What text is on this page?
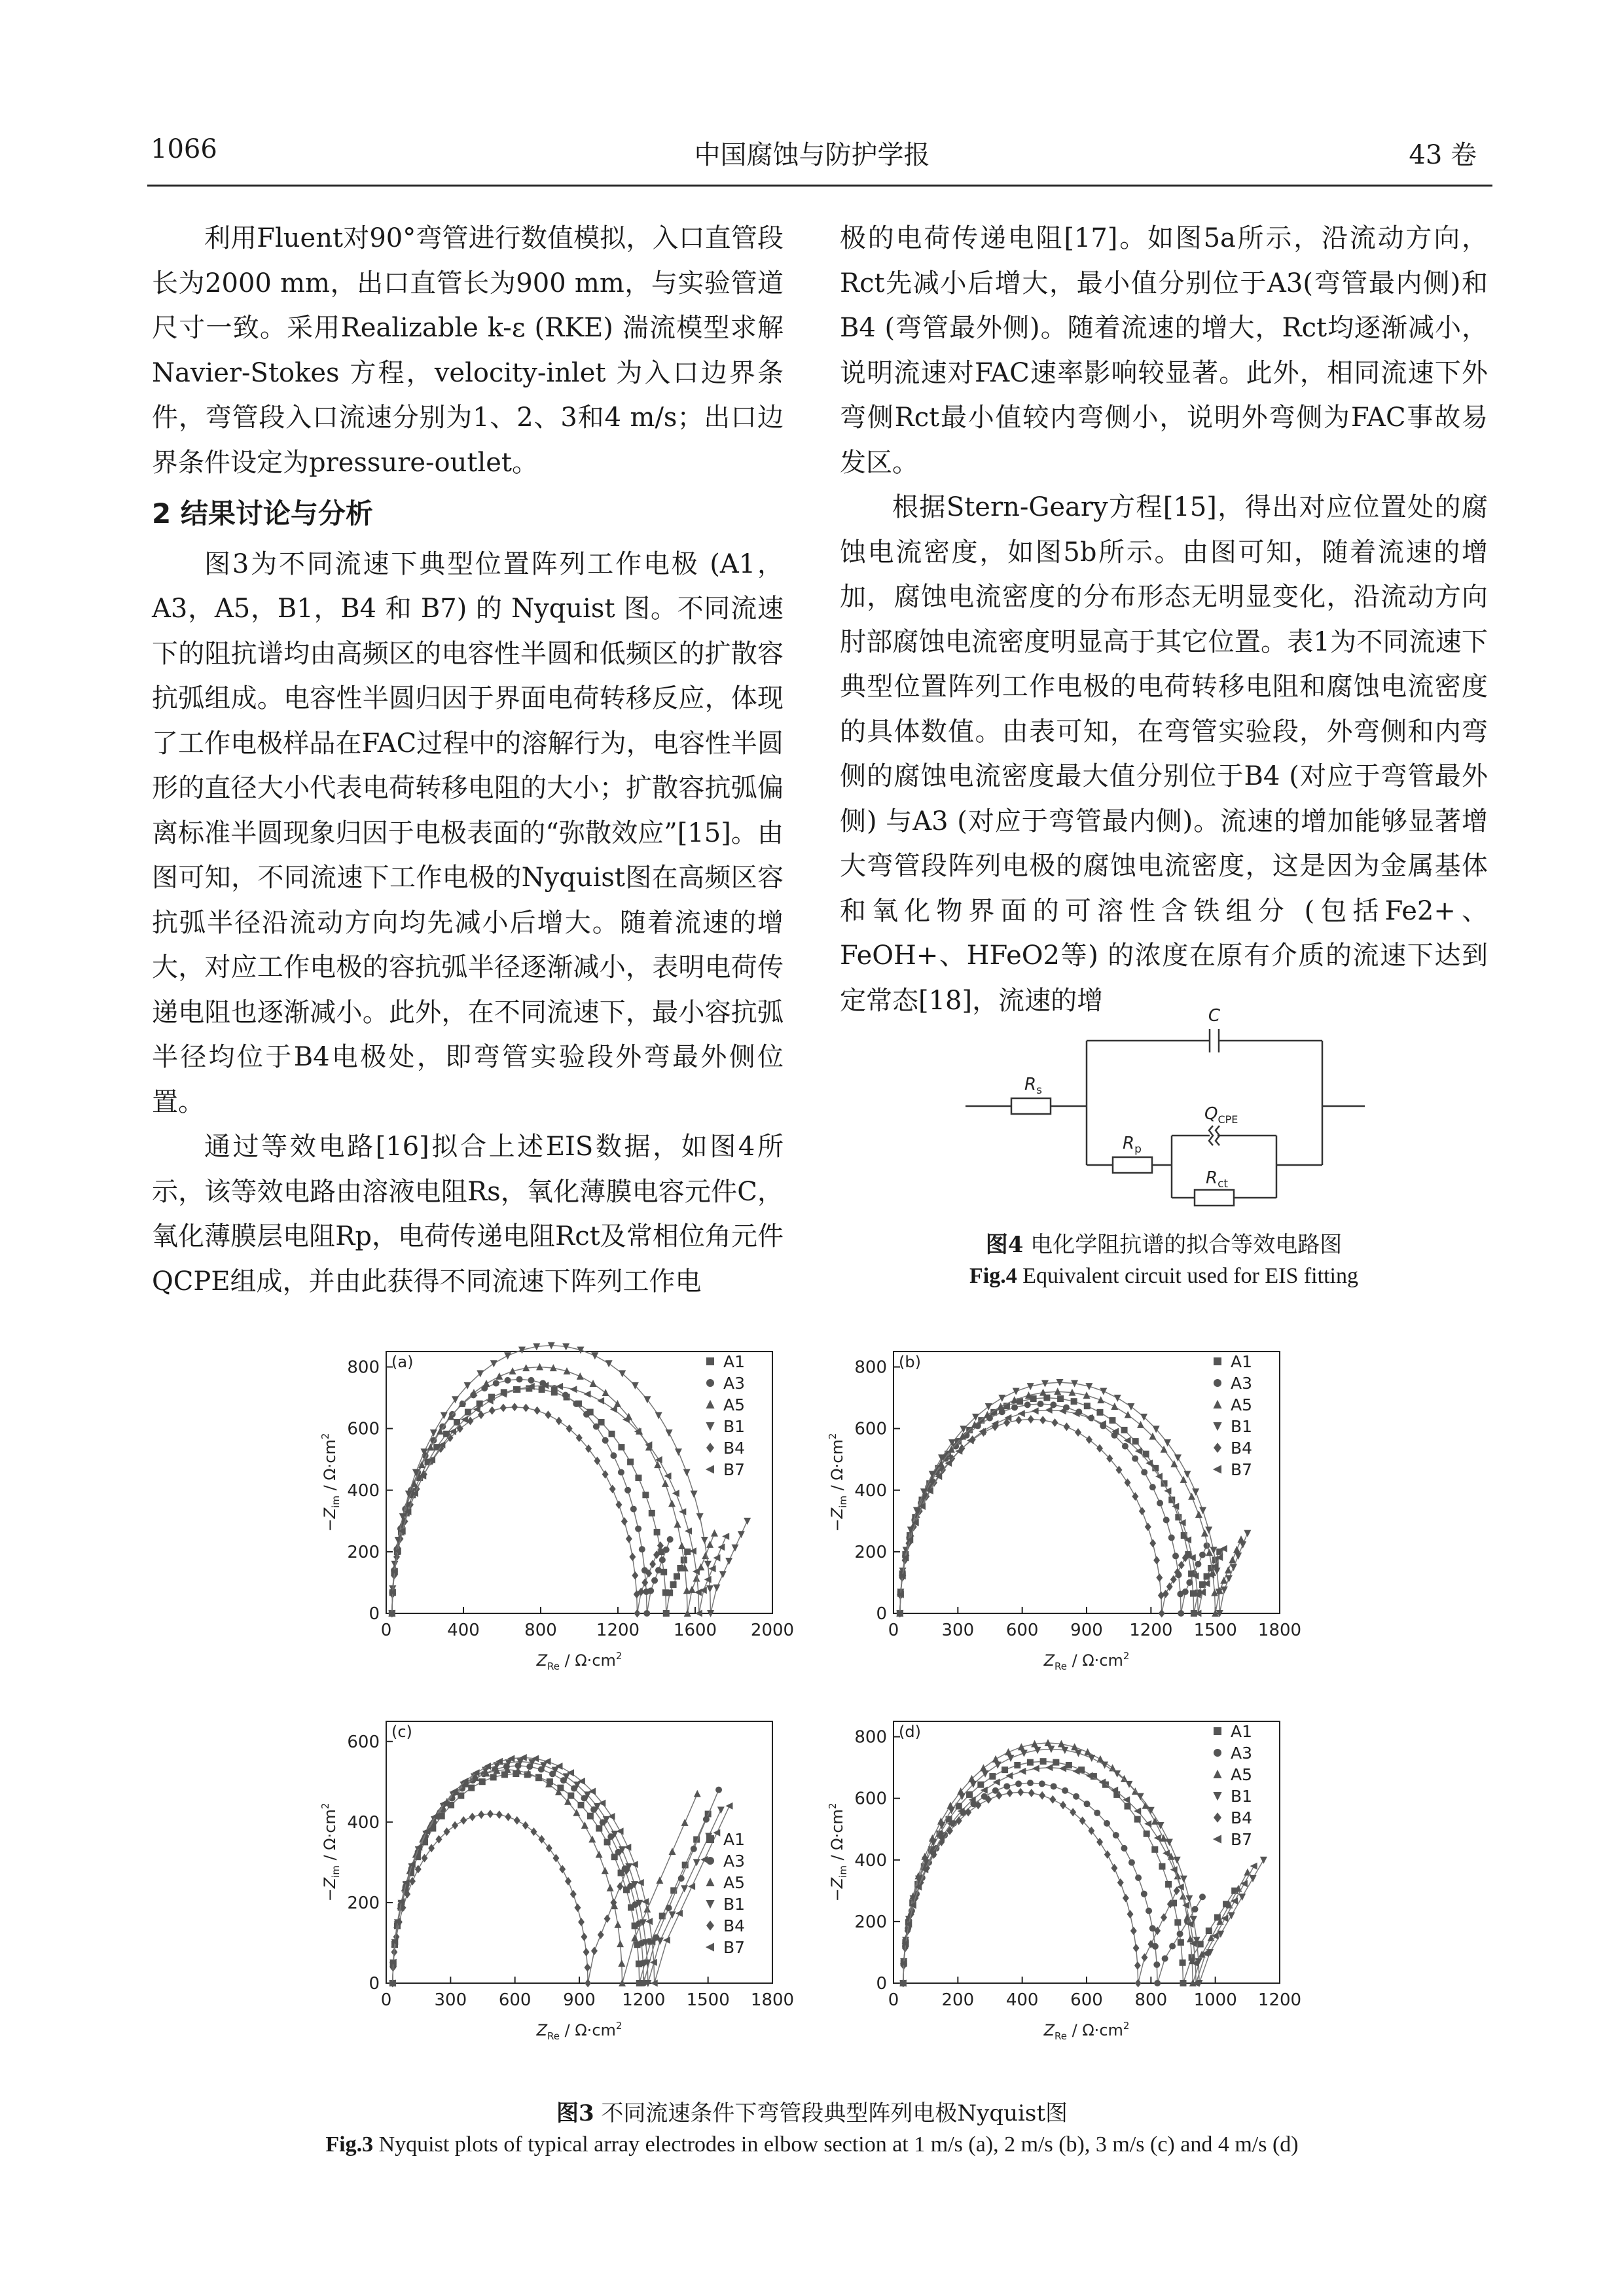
1066	中国腐蚀与防护学报	43 卷

利用Fluent对90°弯管进行数值模拟，入口直管段长为2000 mm，出口直管长为900 mm，与实验管道尺寸一致。采用Realizable k-ε (RKE) 湍流模型求解 Navier-Stokes 方程，velocity-inlet 为入口边界条件，弯管段入口流速分别为1、2、3和4 m/s；出口边界条件设定为pressure-outlet。

2 结果讨论与分析

图3为不同流速下典型位置阵列工作电极 (A1，A3，A5，B1，B4 和 B7) 的 Nyquist 图。不同流速下的阻抗谱均由高频区的电容性半圆和低频区的扩散容抗弧组成。电容性半圆归因于界面电荷转移反应，体现了工作电极样品在FAC过程中的溶解行为，电容性半圆形的直径大小代表电荷转移电阻的大小；扩散容抗弧偏离标准半圆现象归因于电极表面的“弥散效应”[15]。由图可知，不同流速下工作电极的Nyquist图在高频区容抗弧半径沿流动方向均先减小后增大。随着流速的增大，对应工作电极的容抗弧半径逐渐减小，表明电荷传递电阻也逐渐减小。此外，在不同流速下，最小容抗弧半径均位于B4电极处，即弯管实验段外弯最外侧位置。

通过等效电路[16]拟合上述EIS数据，如图4所示，该等效电路由溶液电阻Rs，氧化薄膜电容元件C，氧化薄膜层电阻Rp，电荷传递电阻Rct及常相位角元件QCPE组成，并由此获得不同流速下阵列工作电

极的电荷传递电阻[17]。如图5a所示，沿流动方向，Rct先减小后增大，最小值分别位于A3(弯管最内侧)和B4 (弯管最外侧)。随着流速的增大，Rct均逐渐减小，说明流速对FAC速率影响较显著。此外，相同流速下外弯侧Rct最小值较内弯侧小，说明外弯侧为FAC事故易发区。

根据Stern-Geary方程[15]，得出对应位置处的腐蚀电流密度，如图5b所示。由图可知，随着流速的增加，腐蚀电流密度的分布形态无明显变化，沿流动方向肘部腐蚀电流密度明显高于其它位置。表1为不同流速下典型位置阵列工作电极的电荷转移电阻和腐蚀电流密度的具体数值。由表可知，在弯管实验段，外弯侧和内弯侧的腐蚀电流密度最大值分别位于B4 (对应于弯管最外侧) 与A3 (对应于弯管最内侧)。流速的增加能够显著增大弯管段阵列电极的腐蚀电流密度，这是因为金属基体和氧化物界面的可溶性含铁组分 (包括Fe2+、FeOH+、HFeO2等) 的浓度在原有介质的流速下达到定常态[18]，流速的增

C
$R_s$
$Q_{CPE}$
$R_p$
$R_{ct}$
图4 电化学阻抗谱的拟合等效电路图
Fig.4 Equivalent circuit used for EIS fitting
0	400	800 1200 1600 2000
0
200
400
600
800 (a)
$Z_{Re} / \Omega\cdot cm^2$
$-Z_{im} / \Omega\cdot cm^2$
A1
A3
A5
B1
B4
B7
0	300 600 900 1200 1500 1800
0
200
400
600
800 (b)
$Z_{Re} / \Omega\cdot cm^2$
$-Z_{im} / \Omega\cdot cm^2$
A1
A3
A5
B1
B4
B7
0	300 600 900 1200 1500 1800
0
200
400
600
(c)
$Z_{Re} / \Omega\cdot cm^2$
$-Z_{im} / \Omega\cdot cm^2$
A1
A3
A5
B1
B4
B7
0	200 400 600 800 1000 1200
0
200
400
600
800 (d)
$Z_{Re} / \Omega\cdot cm^2$
$-Z_{im} / \Omega\cdot cm^2$
A1
A3
A5
B1
B4
B7
图3 不同流速条件下弯管段典型阵列电极Nyquist图
Fig.3 Nyquist plots of typical array electrodes in elbow section at 1 m/s (a), 2 m/s (b), 3 m/s (c) and 4 m/s (d)
